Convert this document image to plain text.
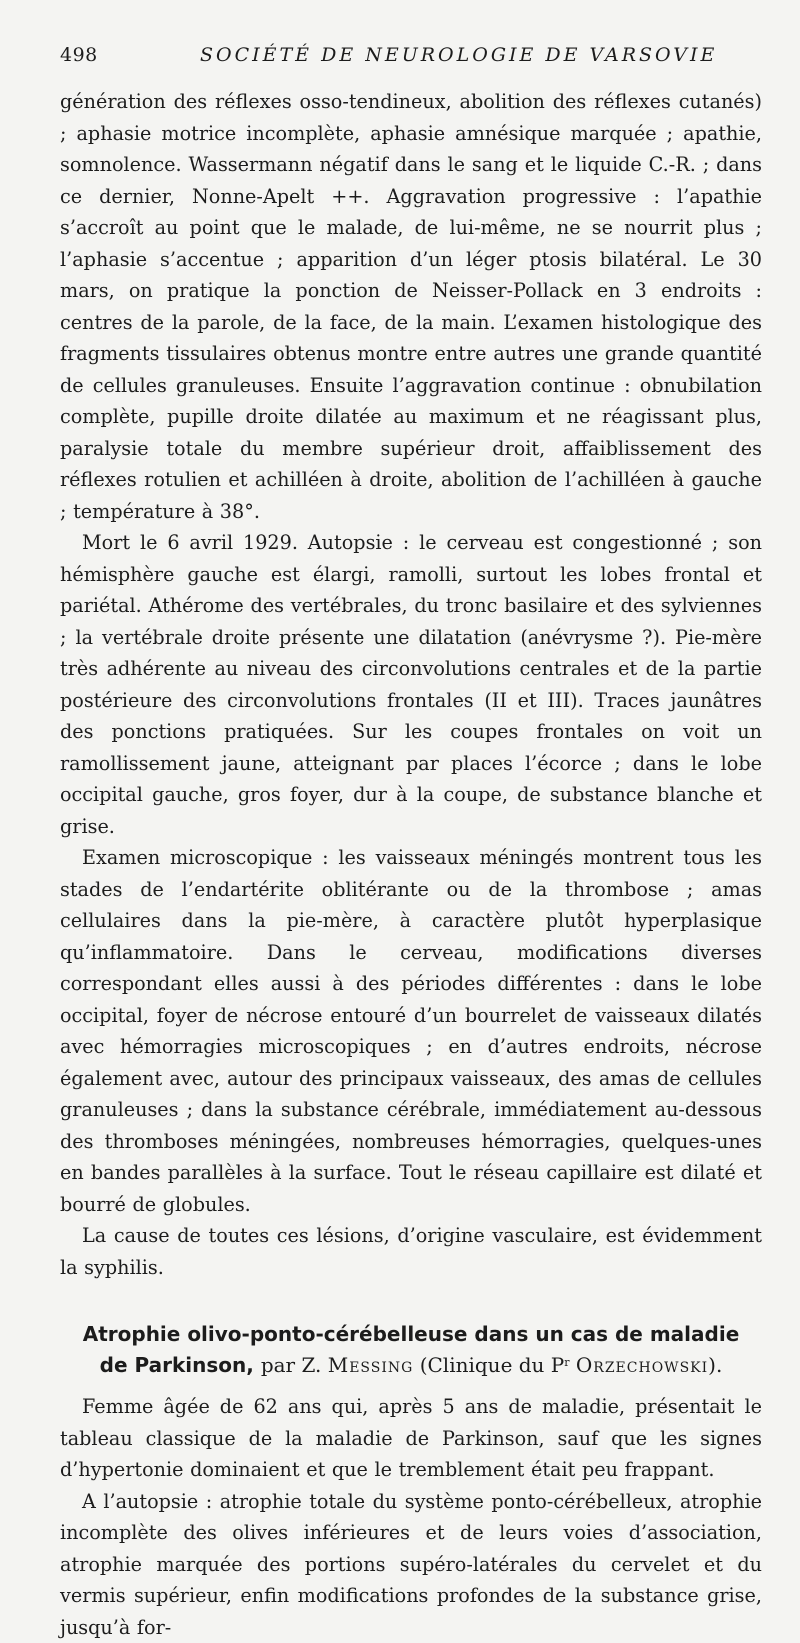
498	SOCIÉTÉ DE NEUROLOGIE DE VARSOVIE

génération des réflexes osso-tendineux, abolition des réflexes cutanés) ; aphasie motrice incomplète, aphasie amnésique marquée ; apathie, somnolence. Wassermann négatif dans le sang et le liquide C.-R. ; dans ce dernier, Nonne-Apelt ++. Aggravation progressive : l’apathie s’accroît au point que le malade, de lui-même, ne se nourrit plus ; l’aphasie s’accentue ; apparition d’un léger ptosis bilatéral. Le 30 mars, on pratique la ponction de Neisser-Pollack en 3 endroits : centres de la parole, de la face, de la main. L’examen histologique des fragments tissulaires obtenus montre entre autres une grande quantité de cellules granuleuses. Ensuite l’aggravation continue : obnubilation complète, pupille droite dilatée au maximum et ne réagissant plus, paralysie totale du membre supérieur droit, affaiblissement des réflexes rotulien et achilléen à droite, abolition de l’achilléen à gauche ; température à 38°.

Mort le 6 avril 1929. Autopsie : le cerveau est congestionné ; son hémisphère gauche est élargi, ramolli, surtout les lobes frontal et pariétal. Athérome des vertébrales, du tronc basilaire et des sylviennes ; la vertébrale droite présente une dilatation (anévrysme ?). Pie-mère très adhérente au niveau des circonvolutions centrales et de la partie postérieure des circonvolutions frontales (II et III). Traces jaunâtres des ponctions pratiquées. Sur les coupes frontales on voit un ramollissement jaune, atteignant par places l’écorce ; dans le lobe occipital gauche, gros foyer, dur à la coupe, de substance blanche et grise.

Examen microscopique : les vaisseaux méningés montrent tous les stades de l’endartérite oblitérante ou de la thrombose ; amas cellulaires dans la pie-mère, à caractère plutôt hyperplasique qu’inflammatoire. Dans le cerveau, modifications diverses correspondant elles aussi à des périodes différentes : dans le lobe occipital, foyer de nécrose entouré d’un bourrelet de vaisseaux dilatés avec hémorragies microscopiques ; en d’autres endroits, nécrose également avec, autour des principaux vaisseaux, des amas de cellules granuleuses ; dans la substance cérébrale, immédiatement au-dessous des thromboses méningées, nombreuses hémorragies, quelques-unes en bandes parallèles à la surface. Tout le réseau capillaire est dilaté et bourré de globules.

La cause de toutes ces lésions, d’origine vasculaire, est évidemment la syphilis.

Atrophie olivo-ponto-cérébelleuse dans un cas de maladie de Parkinson, par Z. Messing (Clinique du $P^r$ Orzechowski).

Femme âgée de 62 ans qui, après 5 ans de maladie, présentait le tableau classique de la maladie de Parkinson, sauf que les signes d’hypertonie dominaient et que le tremblement était peu frappant.

A l’autopsie : atrophie totale du système ponto-cérébelleux, atrophie incomplète des olives inférieures et de leurs voies d’association, atrophie marquée des portions supéro-latérales du cervelet et du vermis supérieur, enfin modifications profondes de la substance grise, jusqu’à for-
